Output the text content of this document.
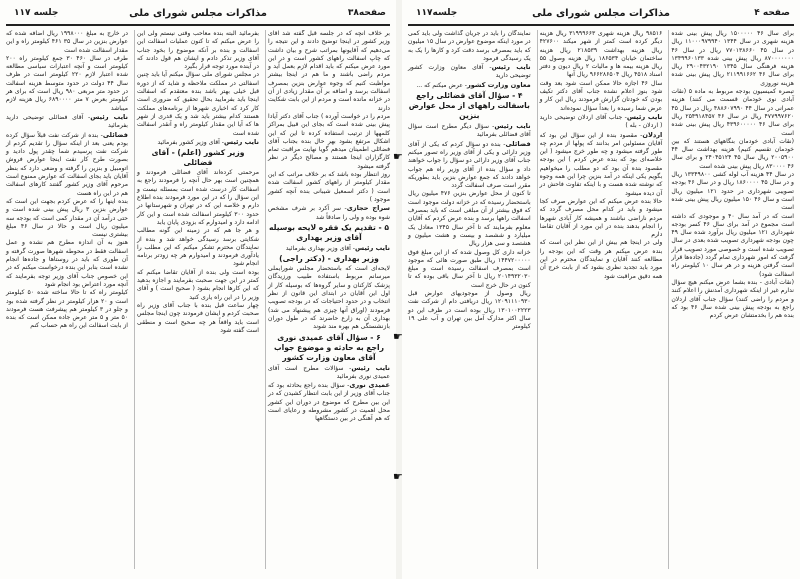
صفحه۳۸
مذاکرات مجلس شورای ملی
جلسه ۱۱۷

بر خلاف آنچه که در جلسه قبل گفته شد آقای وزیر کشور در اینجا توضیح دادند و این نتیجه را می‌دهیم که آقایونها بمراتب شرح و بیان داشت که چاپ اسفالت راههای کشور است و در این مورد عرض میکنم که باید اقدام لازم بعمل آید و مردم راضی باشند و ما هم در اینجا بیشتر مواظبت کنیم که وجوه عوارض بنزین بمصرف اسفالت برسد و اضافه بر آن مقدار زیادی از آن در خزانه مانده است و مردم از این بابت شکایت دارند

مردم را در خواست آورده ) جناب آقای دکتر آیادا پیش بینی شده است که بجای این قبیل بمراکز کلمهها از ترتیب استفاده کرده تا این که این اشکال مرتفع بشود بهر حال بنده بجناب آقای فضائلی اطمینان میدهم گویا نهایت مراقبت تمام کارگزاران اینجا هستند و مصالح دیگر در نظر گرفته میشود

روز انتظار بوده باشد که بر خلاف مراتب که این مقدار کیلومتر از راههای کشور اسفالت شده است ( دکتر اسمعیل شیبانی بنده آنچه کشور موجود )

سراج حجازی- سر آکرد بر شرف مشخص شوه بوده و ولی را صادقاً شد

۵ - تقدیم یک فقره لایحه بوسیله آقای وزیر بهداری

نایب رئیس- آقای وزیر بهداری بفرمائید

وزیر بهداری - (دکتر راجی)

لایحه‌ای است که باستحضار مجلس شورایملی میرسانم مربوط باستفاده طبیب ورزیدگان پزشک کارکنان و سایر گروه‌ها که بوسیله کار از اول این آقایان در ابتدای این قانون از نظر انتخاب و در حدود احتیاجات که در بودجه تصویب فرمودند (اوراق آنها چیزی هم پیشنهاد می شد) بهداری آن به زارع حاضرند که در طول دوران بازنشستگی هم بهره مند شوند

۶ - سؤال آقای عمیدی نوری راجع به حادثه و موضوع جواب آقای معاون وزارت کشور

نایب رئیس- سؤالات مطرح است آقای عمیدی نوری بفرمائید

عمیدی نوری- سؤال بنده راجع بحادثه بود که جناب آقای وزیر از این بابت انتظار کشیدن که در این بین مطرح که موضوع در دوران این کشور محل اهمیت در کشور مشروطه و رعایای است که هم آهنگی در بین دستگاهها

بفرمائید البته بنده معاحب وقتی نیستم ولی این را عرض میکنم که تا کنون عملیات اسفالت این اسفالت و بنده بر آنکه موضوع را بخود جناب آقای وزیر تذکر دادم و ایشان هم قول دادند که در آینده مورد توجه قرار بگیرد

در مجلس شورای ملی سؤال میکنم آیا باید چنین اسفالتی در مملکت ملاحظه و شاید که از دوره قبل خیلی بهتر باشد بنده معتقدم که اسفالت اینجا باید بفرمایید بحال تحقیق که ضروری است کار کرد که اخباری شهرها از برنامه‌های مملکت هستند کدام بیشتر باید شد و یک قدری از شهر ها که آیا این مقدار کیلومتر راه و آنقدر اسفالت شده است

نایب رئیس- آقای وزیر کشور بفرمائید

وزیر کشور (اعلم) - آقای فضائلی

مرحمتی کرده‌اند آقای فضائلی فرمودند و همچنین است بهر حال آنچه را فرمودند راجع به اسفالت کار درست شده است بمسئله نیست و این سؤال را که در این مورد فرمودند بنده اطلاع دارم و خلاصه این که در تهران و شهرستانها در حدود ۳۰۰ کیلومتر اسفالت شده است و این کار ادامه دارد و امیدوارم که بزودی پایان یابد

و هر جا هم که در زمینه این گونه مطالب شکایتی برسد رسیدگی خواهد شد و بنده از نمایندگان محترم تشکر میکنم که این مطلب را یادآوری فرمودند و امیدوارم هر چه زودتر برنامه انجام شود

بوده است ولی بنده از آقایان تقاضا میکنم که کمتر در این جهت صحبت بفرمایند و اجازه بدهید که این کارها انجام بشود ( صحیح است ) و آقای وزیر را در این راه یاری کنید

چهار ساعت قبل بنده با جناب آقای وزیر راه صحبت کردم و ایشان فرمودند چون اینجا مجلس است باید واقعاً هر چه صحیح است و منطقی است گفته شود

در خارج به مبلغ ۱۹۹۸۰۰۰ ریال اضافه شده که عوارض بنزین در سال ۳۵ ۴۶۱ کیلومتر راه و این مقدار اسفالت شده است

طرف در سال ۴۶۰ ۳۰ جمع کیلومتر راه ۲۰۰ کیلومتر است و آنچه اعتبارات سیاسی مطالعه شده اعتبار لازم ۲۲۰ کیلومتر است در ظرف سال ۴۴ دولت در حدود متوسط هزینه اسفالت در حدود متر مربعی ۹۸۰ ریال است که برای هر کیلومتر بعرض ۷ متر ۶۸۹۰۰۰۰ ریال هزینه لازم میباشد

نایب رئیس- آقای فضائلی توضیحی دارید بفرمائید

فضائلی- بنده از شرکت نفت قبلاً سؤال کرده بودم یعنی بعد از اینکه سؤال را تقدیم کردم از شرکت نفت پرسیدم شما چقدر پول دادید و بصورت طرح کار نفت اینجا عوارض فروش اتومبیل و بنزین را گرفته و وضعی دارد که بنظر آقایان باید بجای اسفالت که عوارض ممنوع است مرحوم آقای وزیر کشور گفتند کارهای اسفالت هم در این راه هست

بنده اینها را که عرض کردم بجهت این است که عوارض بنزین ۳ ریال پیش بینی شده است و حتی درآمد آن در مقدار کمی است که بودجه سه میلیون ریال است و حالا در سال ۴۶ مبلغ بیشتری نیست

هنوز به آن اندازه مطرح هم نشده و عمل اسفالت فقط در محوطه شهرها صورت گرفته و آن طوری که باید در روستاها و جاده‌ها انجام نشده است بنابر این بنده درخواست میکنم که در این خصوص جناب آقای وزیر توجه بفرمایند که آنچه مورد اعتراض بود انجام شود

کیلومتر راه که تا حالا ساخته شده ۵۰ کیلومتر است و ۲۰ هزار کیلومتر در نظر گرفته شده بود و جلو در ۳ کیلومتر هم پیشرفت هست فرمودند ۵۰ متر و ۵ متر عرض جاده ممکن است که بنده از بابت اسفالت این راه هم حساب کنم

☛
☛
☛
صفحه ۴
مذاکرات مجلس شورای ملی
جلسه۱۱۷

برای سال ۴۶ ۱۵۰۰۰۰۰ ریال پیش بینی شده هزینه شهری در سال ۱۳۴۴ ۱۱۰۰۰۹۷۹۹۴۰ ریال در سال ۴۵ ۷۷۰۱۳۸۶۶۰ ریال در سال ۴۶ ۸۷۰۰۰۰۰۰۰ ریال پیش بینی شده ۱۳۴۹۹۶۰۱۳۳ هزینه فرهنگی سال ۱۳۴۵ ۲۹۰۰۴۳۲۱۹۰ ریال برای سال ۴۶ ۲۱۱۹۹۱۶۶۲ ریال پیش بینی شده هزینه نوروزی

تبصره کمیسیون بودجه مربوط به ماده ۵ (نقات آبادی نوی خودمان قسمت می کنند) هزینه عمرانی در سال ۴۴ ۴۸۸۶۰۷۹۹۰ ریال در سال ۴۵ ۴۷۷۹۹۷۶۲۰ ریال در سال ۴۶ ۲۵۴۹۱۸۴۵۷ ریال برای سال ۴۶ ۴۳۹۶۰۰۰۰۰ ریال پیش بینی شده است

(نقات آبادی خودمان بنگاههای هستند که بین خودمان تقسیم کنیم) هزینه بهداشت سال ۴۴ ۲۰۰۵۹۰۰ ریال سال ۴۵ ۲۴۰۴۵۱۲۴ و برای سال ۴۶ ۸۳۰۰۰۰ ریال پیش بینی شده است

در سال ۴۴ هزینه آب لوله کشی ۱۳۳۴۹۸۰۰ ریال و در سال ۴۵ ۱۸۶۰۰۰۰ ریال و در سال ۴۶ بودجه تصویبی شهرداری در حدود ۱۲۱ میلیون ریال است و سال ۴۶ ۱۵۰ میلیون ریال پیش بینی شده است

است که در آمد سال ۴۰ و موجودی که داشته است مجموع در آمد برای سال ۴۶ کسر بودجه شهرداری ۱۲۱ میلیون ریال برآورد شده سال ۴۹ چون بودجه شهرداری تصویب شده بعدی در سال تصویب شده است و خصوصی مورد تصویب قرار گرفت که امور شهرداری تمام گردد (جاده‌ها قرار است گرفتن هزینه و در هر سال ۱۰ کیلومتر راه اسفالت شود)

(نقات آبادی - بنده بشما عرض میکنم هیچ سؤال ندارم غیر از اینکه شهرداری آمدنش را اعلام کنند و مردم را راضی کنند) سؤال جناب آقای اردلان راجع به بودجه پیش بینی شده سال ۴۶ بود که بنده هم را بخدمتشان عرض کردم

۹۸۵۱۶ ریال هزینه شهری ۳۱۹۹۹۶۶۳ ریال هزینه دیگر کرده است کمتر از شهر میکند ۴۲۷۶۰۰ ریال هزینه بهداشت ۲۱۸۵۳۹ ریال هزینه ساختمان خیابان ۱۸۶۵۳۴ ریال هزینه وصول ۵۵ ریال هزینه بیمه ها و مالیات ۲ ریال دیون و دفتر اسناد ۴۵۱۸ ریال ۹۶۶۲۸۶۵۰۴ ریال آنها

سال ۴۶ اجازه حالا ممکن است شود بعد وقت شود بنوز اعلام نشده جناب آقای دکتر تکیف بودن که خودتان گزارش فرمودند ریال این کار و عرض شما رسیده را بعداً سؤال نموده‌اند

نایب رئیس- جناب آقای اردلان توضیحی دارید ( اردلان - بله )

اردلان- مقصود بنده از این سؤال این بود که آقایان مسئولین امر بدانند که پولها از مردم چه طور گرفته میشود و چه طور خرج میشود ( این خلاصه‌ای بود که بنده عرض کردم ) این بودجه مقصود بنده آن بود که دو مطلب را میخواهیم بگویم یکی اینکه در آمد بنزین چرا این همه وجوه که نوشته شده هست و با اینکه تفاوت فاحش در آن دیده میشود

حالا بنده عرض میکنم که این عوارض صرف کجا میشود و باید در کدام محل مصرف گردد که مردم ناراضی نباشند و همیشه کار آبادی شهرها را انجام بدهند بنده در این مورد از آقایان تقاضا دارم

ولی در اینجا هم بیش از این نظر این است که بنده عرض میکنم هر وقت که این بودجه را مطالعه کنند آقایان و نمایندگان محترم در این مورد باید تجدید نظری بشود که از بابت خرج آن همه دقیق مراقبت شود

نمایندگان را باید در جریان گذاشت ولی باید کمی در مورد اینکه موضوع عوارض در سال ۱۵ میلیون که باید بمصرف برسد دقت کرد و کارها را یک به یک رسیدگی فرمود

نایب رئیس- آقای معاون وزارت کشور توضیحی دارید

معاون وزارت کشور- عرض میکنم که ...

۴ - سؤال آقای فضائلی راجع باسفالت راههای از محل عوارض بنزین

نایب رئیس- سؤال دیگر مطرح است سؤال آقای فضائلی بفرمائید

فضائلی- بنده دو سؤال کردم که یکی از آقای وزیر دارائی و یکی از آقای وزیر راه تصور میکنم جناب آقای وزیر دارائی دو سؤال را جواب خواهند داد و سؤال بنده از آقای وزیر راه هم جواب خواهد دادند که جمع عوارض بنزین باید بطوریکه مقرر است صرف اسفالت گردد

تا کنون از محل عوارض بنزین ۴۷۶ میلیون ریال باستحضار رسیده که در خزانه دولت موجود است که فوق بیشتر از آن مبلغی است که باید بمصرف اسفالت راهها برسد و بنده عرض کردم که آقایان معلوم بفرمایند که تا آخر سال ۱۳۴۵ معادل یک میلیارد و ششصد و بیست و هشت میلیون و هشتصد و سی هزار ریال

خزانه داری کل وصول شده که از این مبلغ فوق ۱۴۴۷۲۰۰۰۰۰ ریال طبق صورت هائی که موجود است بمصرف اسفالت رسیده است و مبلغ ۲۰۱۴۹۳۲۰۳۰ ریال تا آخر سال باقی بوده که تا کنون در حال خرج است

ریال وصول از موجودیهای عوارض قبل ۱۲۰۹۱۱۱۰۹۳۰ ریال دریافتی دام از شرکت نفت ۱۳۰۱۰۰۲۲۲۳ ریال بوده است در ظرف این دو سال اکثر مدارک آمل بین تهران و آب علی ۱۹ کیلومتر
